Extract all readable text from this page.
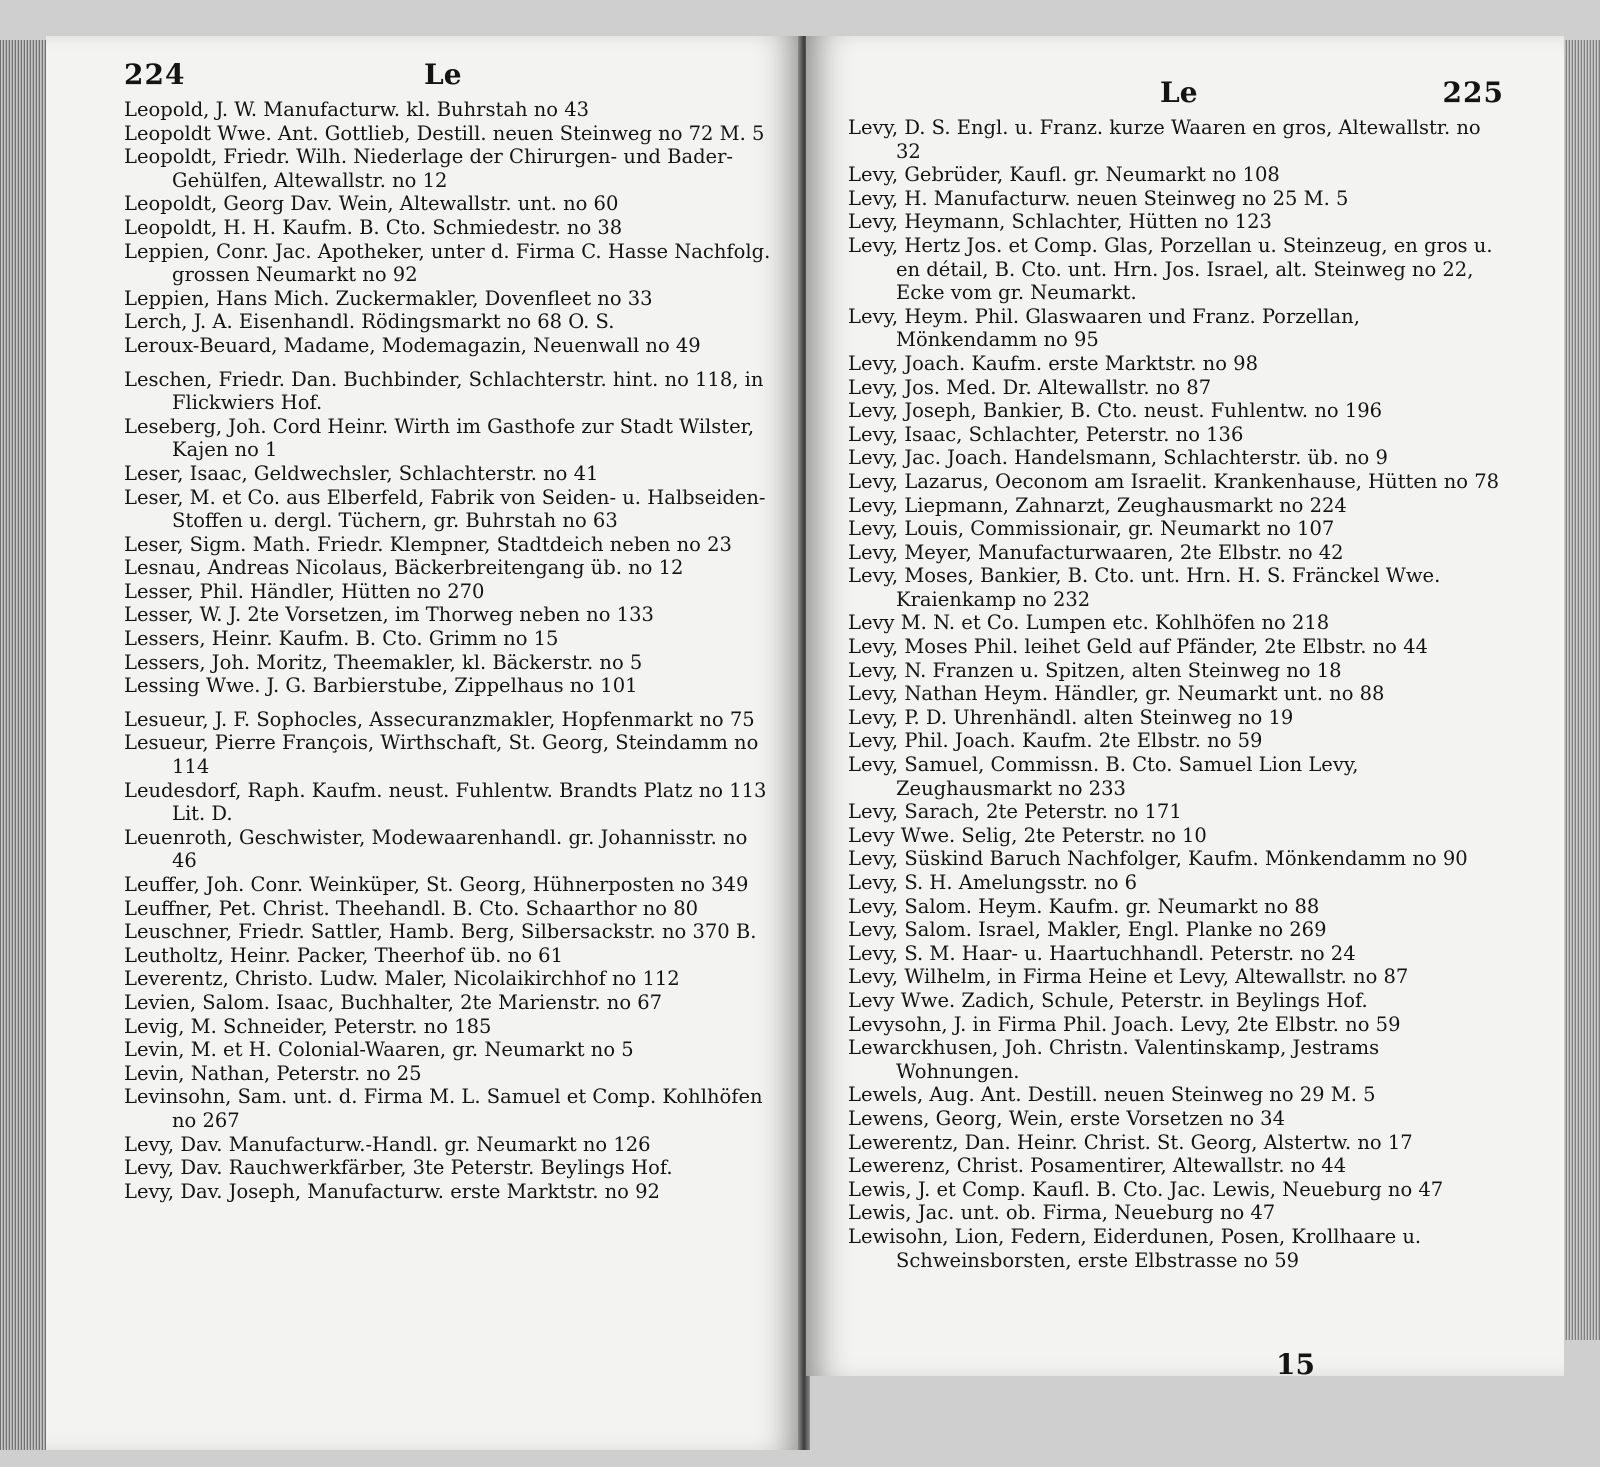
224	Le
Leopold, J. W. Manufacturw. kl. Buhrstah no 43
Leopoldt Wwe. Ant. Gottlieb, Destill. neuen Steinweg no 72 M. 5
Leopoldt, Friedr. Wilh. Niederlage der Chirurgen- und Bader-Gehülfen, Altewallstr. no 12
Leopoldt, Georg Dav. Wein, Altewallstr. unt. no 60
Leopoldt, H. H. Kaufm. B. Cto. Schmiedestr. no 38
Leppien, Conr. Jac. Apotheker, unter d. Firma C. Hasse Nachfolg. grossen Neumarkt no 92
Leppien, Hans Mich. Zuckermakler, Dovenfleet no 33
Lerch, J. A. Eisenhandl. Rödingsmarkt no 68 O. S.
Leroux-Beuard, Madame, Modemagazin, Neuenwall no 49
Leschen, Friedr. Dan. Buchbinder, Schlachterstr. hint. no 118, in Flickwiers Hof.
Leseberg, Joh. Cord Heinr. Wirth im Gasthofe zur Stadt Wilster, Kajen no 1
Leser, Isaac, Geldwechsler, Schlachterstr. no 41
Leser, M. et Co. aus Elberfeld, Fabrik von Seiden- u. Halbseiden-Stoffen u. dergl. Tüchern, gr. Buhrstah no 63
Leser, Sigm. Math. Friedr. Klempner, Stadtdeich neben no 23
Lesnau, Andreas Nicolaus, Bäckerbreitengang üb. no 12
Lesser, Phil. Händler, Hütten no 270
Lesser, W. J. 2te Vorsetzen, im Thorweg neben no 133
Lessers, Heinr. Kaufm. B. Cto. Grimm no 15
Lessers, Joh. Moritz, Theemakler, kl. Bäckerstr. no 5
Lessing Wwe. J. G. Barbierstube, Zippelhaus no 101
Lesueur, J. F. Sophocles, Assecuranzmakler, Hopfenmarkt no 75
Lesueur, Pierre François, Wirthschaft, St. Georg, Steindamm no 114
Leudesdorf, Raph. Kaufm. neust. Fuhlentw. Brandts Platz no 113 Lit. D.
Leuenroth, Geschwister, Modewaarenhandl. gr. Johannisstr. no 46
Leuffer, Joh. Conr. Weinküper, St. Georg, Hühnerposten no 349
Leuffner, Pet. Christ. Theehandl. B. Cto. Schaarthor no 80
Leuschner, Friedr. Sattler, Hamb. Berg, Silbersackstr. no 370 B.
Leutholtz, Heinr. Packer, Theerhof üb. no 61
Leverentz, Christo. Ludw. Maler, Nicolaikirchhof no 112
Levien, Salom. Isaac, Buchhalter, 2te Marienstr. no 67
Levig, M. Schneider, Peterstr. no 185
Levin, M. et H. Colonial-Waaren, gr. Neumarkt no 5
Levin, Nathan, Peterstr. no 25
Levinsohn, Sam. unt. d. Firma M. L. Samuel et Comp. Kohlhöfen no 267
Levy, Dav. Manufacturw.-Handl. gr. Neumarkt no 126
Levy, Dav. Rauchwerkfärber, 3te Peterstr. Beylings Hof.
Levy, Dav. Joseph, Manufacturw. erste Marktstr. no 92
Le	225
Levy, D. S. Engl. u. Franz. kurze Waaren en gros, Altewallstr. no 32
Levy, Gebrüder, Kaufl. gr. Neumarkt no 108
Levy, H. Manufacturw. neuen Steinweg no 25 M. 5
Levy, Heymann, Schlachter, Hütten no 123
Levy, Hertz Jos. et Comp. Glas, Porzellan u. Steinzeug, en gros u. en détail, B. Cto. unt. Hrn. Jos. Israel, alt. Steinweg no 22, Ecke vom gr. Neumarkt.
Levy, Heym. Phil. Glaswaaren und Franz. Porzellan, Mönkendamm no 95
Levy, Joach. Kaufm. erste Marktstr. no 98
Levy, Jos. Med. Dr. Altewallstr. no 87
Levy, Joseph, Bankier, B. Cto. neust. Fuhlentw. no 196
Levy, Isaac, Schlachter, Peterstr. no 136
Levy, Jac. Joach. Handelsmann, Schlachterstr. üb. no 9
Levy, Lazarus, Oeconom am Israelit. Krankenhause, Hütten no 78
Levy, Liepmann, Zahnarzt, Zeughausmarkt no 224
Levy, Louis, Commissionair, gr. Neumarkt no 107
Levy, Meyer, Manufacturwaaren, 2te Elbstr. no 42
Levy, Moses, Bankier, B. Cto. unt. Hrn. H. S. Fränckel Wwe. Kraienkamp no 232
Levy M. N. et Co. Lumpen etc. Kohlhöfen no 218
Levy, Moses Phil. leihet Geld auf Pfänder, 2te Elbstr. no 44
Levy, N. Franzen u. Spitzen, alten Steinweg no 18
Levy, Nathan Heym. Händler, gr. Neumarkt unt. no 88
Levy, P. D. Uhrenhändl. alten Steinweg no 19
Levy, Phil. Joach. Kaufm. 2te Elbstr. no 59
Levy, Samuel, Commissn. B. Cto. Samuel Lion Levy, Zeughausmarkt no 233
Levy, Sarach, 2te Peterstr. no 171
Levy Wwe. Selig, 2te Peterstr. no 10
Levy, Süskind Baruch Nachfolger, Kaufm. Mönkendamm no 90
Levy, S. H. Amelungsstr. no 6
Levy, Salom. Heym. Kaufm. gr. Neumarkt no 88
Levy, Salom. Israel, Makler, Engl. Planke no 269
Levy, S. M. Haar- u. Haartuchhandl. Peterstr. no 24
Levy, Wilhelm, in Firma Heine et Levy, Altewallstr. no 87
Levy Wwe. Zadich, Schule, Peterstr. in Beylings Hof.
Levysohn, J. in Firma Phil. Joach. Levy, 2te Elbstr. no 59
Lewarckhusen, Joh. Christn. Valentinskamp, Jestrams Wohnungen.
Lewels, Aug. Ant. Destill. neuen Steinweg no 29 M. 5
Lewens, Georg, Wein, erste Vorsetzen no 34
Lewerentz, Dan. Heinr. Christ. St. Georg, Alstertw. no 17
Lewerenz, Christ. Posamentirer, Altewallstr. no 44
Lewis, J. et Comp. Kaufl. B. Cto. Jac. Lewis, Neueburg no 47
Lewis, Jac. unt. ob. Firma, Neueburg no 47
Lewisohn, Lion, Federn, Eiderdunen, Posen, Krollhaare u. Schweinsborsten, erste Elbstrasse no 59
15
